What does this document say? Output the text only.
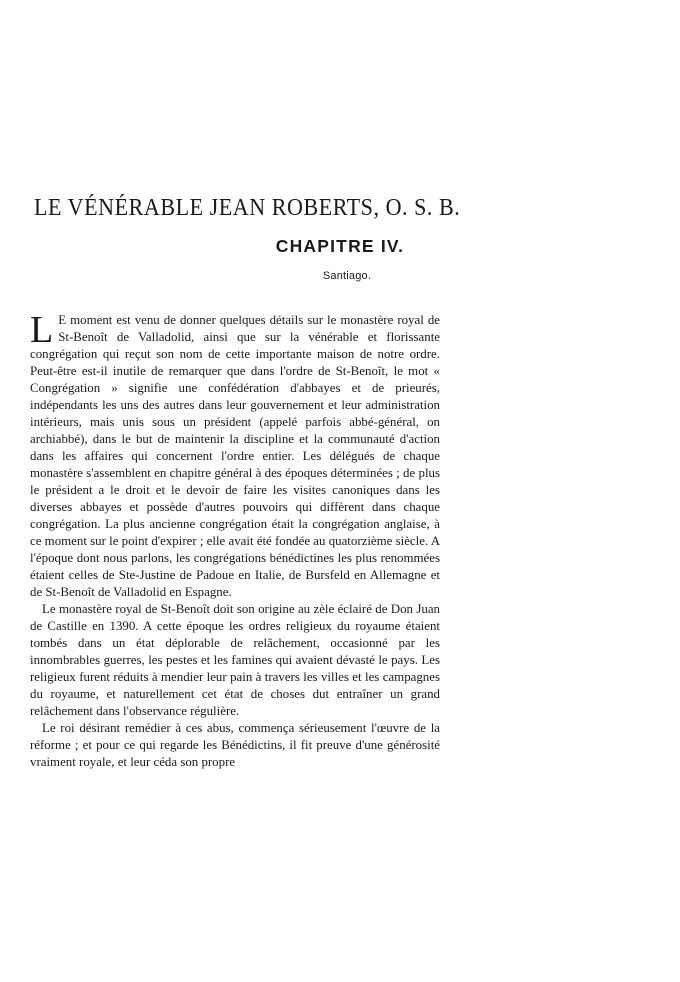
LE VÉNÉRABLE JEAN ROBERTS, O. S. B.
CHAPITRE IV.
Santiago.

L E moment est venu de donner quelques détails sur le monastère royal de St-Benoît de Valladolid, ainsi que sur la vénérable et florissante congrégation qui reçut son nom de cette importante maison de notre ordre. Peut-être est-il inutile de remarquer que dans l'ordre de St-Benoît, le mot « Congrégation » signifie une confédération d'abbayes et de prieurés, indépendants les uns des autres dans leur gouvernement et leur administration intérieurs, mais unis sous un président (appelé parfois abbé-général, on archiabbé), dans le but de maintenir la discipline et la communauté d'action dans les affaires qui concernent l'ordre entier. Les délégués de chaque monastère s'assemblent en chapitre général à des époques déterminées ; de plus le président a le droit et le devoir de faire les visites canoniques dans les diverses abbayes et possède d'autres pouvoirs qui diffèrent dans chaque congrégation. La plus ancienne congrégation était la congrégation anglaise, à ce moment sur le point d'expirer ; elle avait été fondée au quatorzième siècle. A l'époque dont nous parlons, les congrégations bénédictines les plus renommées étaient celles de Ste-Justine de Padoue en Italie, de Bursfeld en Allemagne et de St-Benoît de Valladolid en Espagne.

Le monastère royal de St-Benoît doit son origine au zèle éclairé de Don Juan de Castille en 1390. A cette époque les ordres religieux du royaume étaient tombés dans un état déplorable de relâchement, occasionné par les innombrables guerres, les pestes et les famines qui avaient dévasté le pays. Les religieux furent réduits à mendier leur pain à travers les villes et les campagnes du royaume, et naturellement cet état de choses dut entraîner un grand relâchement dans l'observance régulière.

Le roi désirant remédier à ces abus, commença sérieusement l'œuvre de la réforme ; et pour ce qui regarde les Bénédictins, il fit preuve d'une générosité vraiment royale, et leur céda son propre
